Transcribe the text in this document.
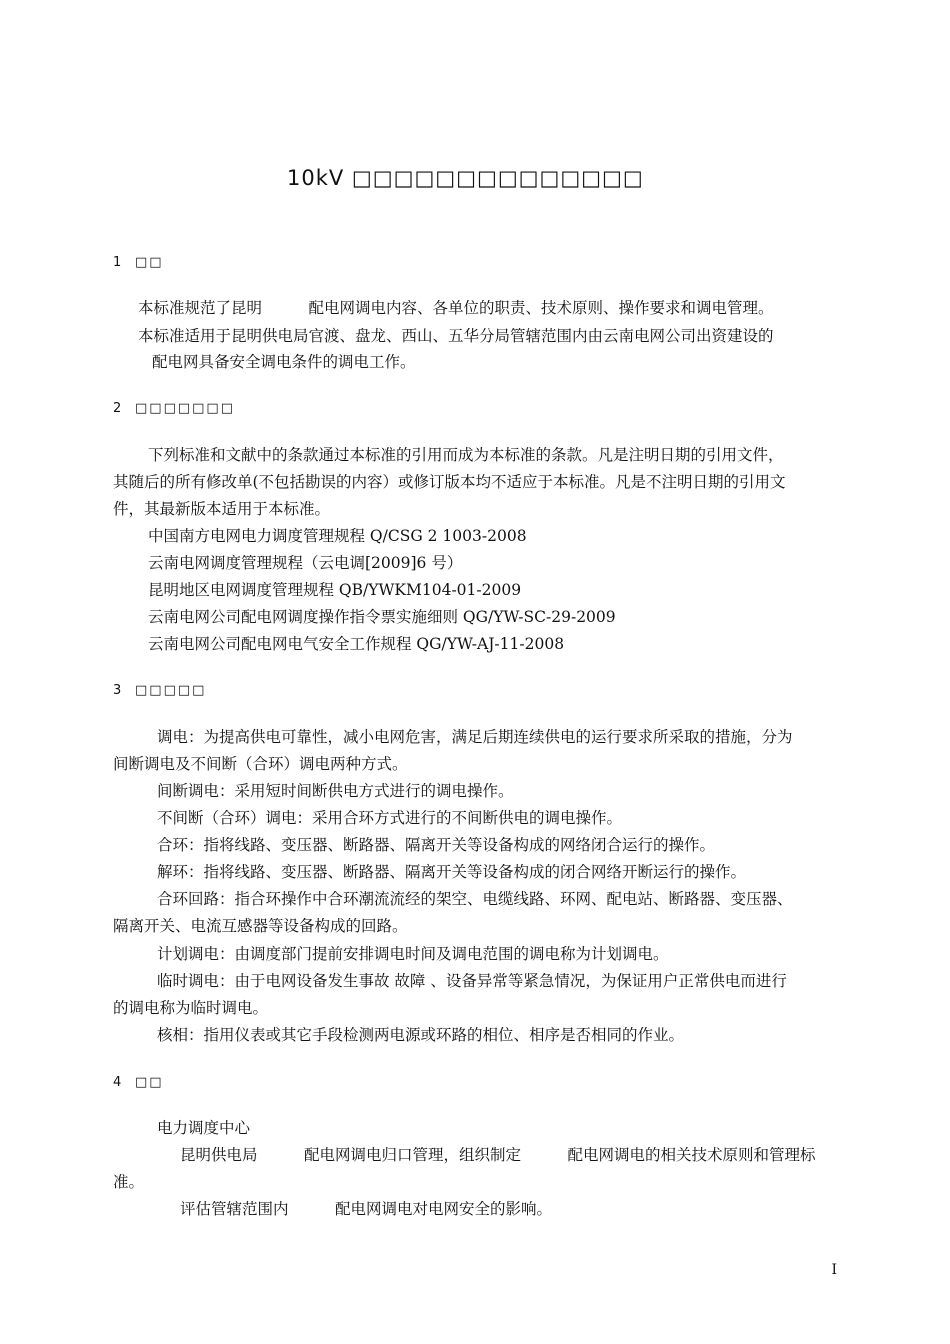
10kV □□□□□□□□□□□□□□
1 □□
本标准规范了昆明　　　配电网调电内容、各单位的职责、技术原则、操作要求和调电管理。
本标准适用于昆明供电局官渡、盘龙、西山、五华分局管辖范围内由云南电网公司出资建设的
配电网具备安全调电条件的调电工作。
2 □□□□□□□
下列标准和文献中的条款通过本标准的引用而成为本标准的条款。凡是注明日期的引用文件，
其随后的所有修改单(不包括勘误的内容）或修订版本均不适应于本标准。凡是不注明日期的引用文
件，其最新版本适用于本标准。
中国南方电网电力调度管理规程 Q/CSG 2 1003-2008
云南电网调度管理规程（云电调[2009]6 号）
昆明地区电网调度管理规程 QB/YWKM104-01-2009
云南电网公司配电网调度操作指令票实施细则 QG/YW-SC-29-2009
云南电网公司配电网电气安全工作规程 QG/YW-AJ-11-2008
3 □□□□□
调电：为提高供电可靠性，减小电网危害，满足后期连续供电的运行要求所采取的措施，分为
间断调电及不间断（合环）调电两种方式。
间断调电：采用短时间断供电方式进行的调电操作。
不间断（合环）调电：采用合环方式进行的不间断供电的调电操作。
合环：指将线路、变压器、断路器、隔离开关等设备构成的网络闭合运行的操作。
解环：指将线路、变压器、断路器、隔离开关等设备构成的闭合网络开断运行的操作。
合环回路：指合环操作中合环潮流流经的架空、电缆线路、环网、配电站、断路器、变压器、
隔离开关、电流互感器等设备构成的回路。
计划调电：由调度部门提前安排调电时间及调电范围的调电称为计划调电。
临时调电：由于电网设备发生事故 故障 、设备异常等紧急情况，为保证用户正常供电而进行
的调电称为临时调电。
核相：指用仪表或其它手段检测两电源或环路的相位、相序是否相同的作业。
4 □□
电力调度中心
昆明供电局　　　配电网调电归口管理，组织制定　　　配电网调电的相关技术原则和管理标
准。
评估管辖范围内　　　配电网调电对电网安全的影响。
I
